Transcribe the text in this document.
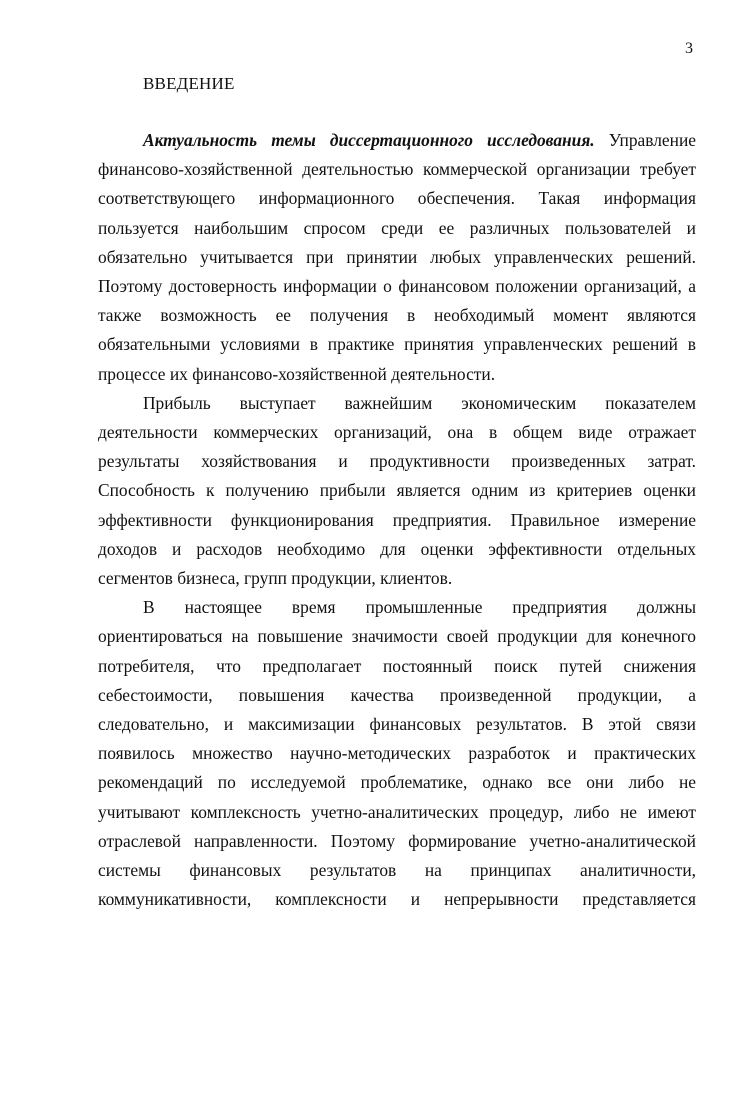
3
ВВЕДЕНИЕ

Актуальность темы диссертационного исследования. Управление финансово-хозяйственной деятельностью коммерческой организации требует соответствующего информационного обеспечения. Такая информация пользуется наибольшим спросом среди ее различных пользователей и обязательно учитывается при принятии любых управленческих решений. Поэтому достоверность информации о финансовом положении организаций, а также возможность ее получения в необходимый момент являются обязательными условиями в практике принятия управленческих решений в процессе их финансово-хозяйственной деятельности.

Прибыль выступает важнейшим экономическим показателем деятельности коммерческих организаций, она в общем виде отражает результаты хозяйствования и продуктивности произведенных затрат. Способность к получению прибыли является одним из критериев оценки эффективности функционирования предприятия. Правильное измерение доходов и расходов необходимо для оценки эффективности отдельных сегментов бизнеса, групп продукции, клиентов.

В настоящее время промышленные предприятия должны ориентироваться на повышение значимости своей продукции для конечного потребителя, что предполагает постоянный поиск путей снижения себестоимости, повышения качества произведенной продукции, а следовательно, и максимизации финансовых результатов. В этой связи появилось множество научно-методических разработок и практических рекомендаций по исследуемой проблематике, однако все они либо не учитывают комплексность учетно-аналитических процедур, либо не имеют отраслевой направленности. Поэтому формирование учетно-аналитической системы финансовых результатов на принципах аналитичности, коммуникативности, комплексности и непрерывности представляется
